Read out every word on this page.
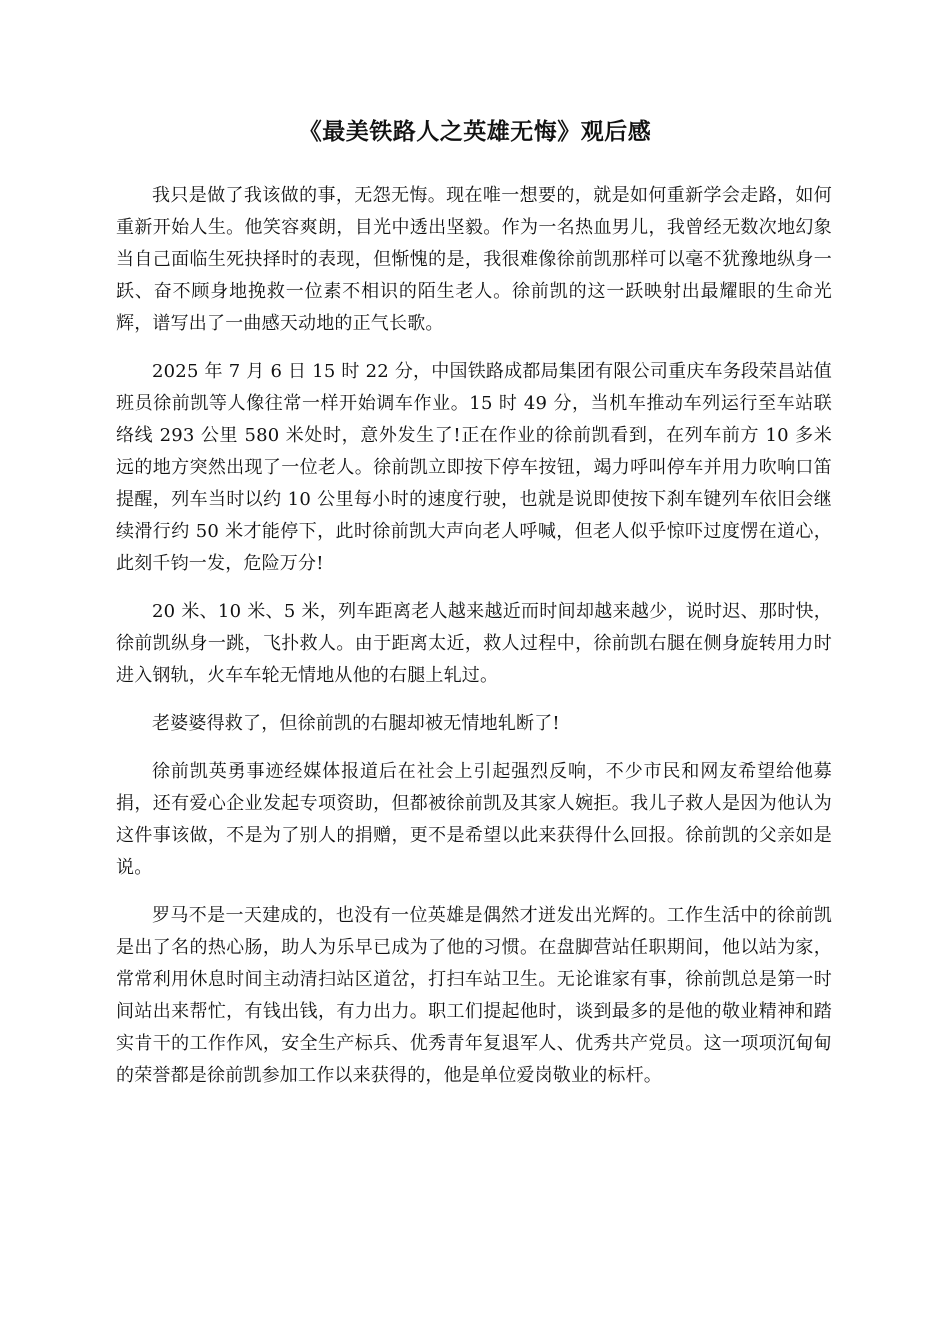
《最美铁路人之英雄无悔》观后感

我只是做了我该做的事，无怨无悔。现在唯一想要的，就是如何重新学会走路，如何重新开始人生。他笑容爽朗，目光中透出坚毅。作为一名热血男儿，我曾经无数次地幻象当自己面临生死抉择时的表现，但惭愧的是，我很难像徐前凯那样可以毫不犹豫地纵身一跃、奋不顾身地挽救一位素不相识的陌生老人。徐前凯的这一跃映射出最耀眼的生命光辉，谱写出了一曲感天动地的正气长歌。

2025 年 7 月 6 日 15 时 22 分，中国铁路成都局集团有限公司重庆车务段荣昌站值班员徐前凯等人像往常一样开始调车作业。15 时 49 分，当机车推动车列运行至车站联络线 293 公里 580 米处时，意外发生了!正在作业的徐前凯看到，在列车前方 10 多米远的地方突然出现了一位老人。徐前凯立即按下停车按钮，竭力呼叫停车并用力吹响口笛提醒，列车当时以约 10 公里每小时的速度行驶，也就是说即使按下刹车键列车依旧会继续滑行约 50 米才能停下，此时徐前凯大声向老人呼喊，但老人似乎惊吓过度愣在道心，此刻千钧一发，危险万分!

20 米、10 米、5 米，列车距离老人越来越近而时间却越来越少，说时迟、那时快，徐前凯纵身一跳，飞扑救人。由于距离太近，救人过程中，徐前凯右腿在侧身旋转用力时进入钢轨，火车车轮无情地从他的右腿上轧过。

老婆婆得救了，但徐前凯的右腿却被无情地轧断了!

徐前凯英勇事迹经媒体报道后在社会上引起强烈反响，不少市民和网友希望给他募捐，还有爱心企业发起专项资助，但都被徐前凯及其家人婉拒。我儿子救人是因为他认为这件事该做，不是为了别人的捐赠，更不是希望以此来获得什么回报。徐前凯的父亲如是说。

罗马不是一天建成的，也没有一位英雄是偶然才迸发出光辉的。工作生活中的徐前凯是出了名的热心肠，助人为乐早已成为了他的习惯。在盘脚营站任职期间，他以站为家，常常利用休息时间主动清扫站区道岔，打扫车站卫生。无论谁家有事，徐前凯总是第一时间站出来帮忙，有钱出钱，有力出力。职工们提起他时，谈到最多的是他的敬业精神和踏实肯干的工作作风，安全生产标兵、优秀青年复退军人、优秀共产党员。这一项项沉甸甸的荣誉都是徐前凯参加工作以来获得的，他是单位爱岗敬业的标杆。
